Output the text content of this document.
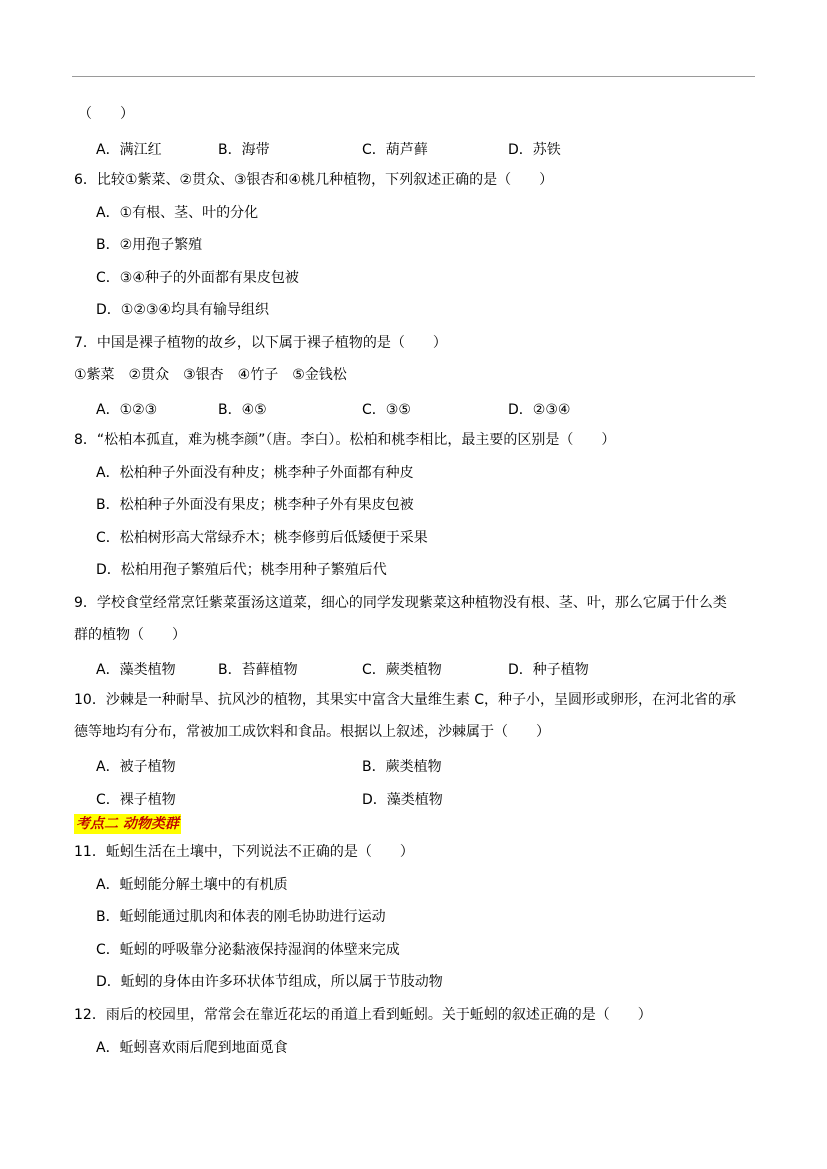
（　　）
A．满江红	B．海带	C．葫芦藓	D．苏铁
6．比较①紫菜、②贯众、③银杏和④桃几种植物，下列叙述正确的是（　　）
A．①有根、茎、叶的分化
B．②用孢子繁殖
C．③④种子的外面都有果皮包被
D．①②③④均具有输导组织
7．中国是裸子植物的故乡，以下属于裸子植物的是（　　）
①紫菜　②贯众　③银杏　④竹子　⑤金钱松
A．①②③	B．④⑤	C．③⑤	D．②③④
8．“松柏本孤直，难为桃李颜”（唐。李白）。松柏和桃李相比，最主要的区别是（　　）
A．松柏种子外面没有种皮；桃李种子外面都有种皮
B．松柏种子外面没有果皮；桃李种子外有果皮包被
C．松柏树形高大常绿乔木；桃李修剪后低矮便于采果
D．松柏用孢子繁殖后代；桃李用种子繁殖后代
9．学校食堂经常烹饪紫菜蛋汤这道菜，细心的同学发现紫菜这种植物没有根、茎、叶，那么它属于什么类
群的植物（　　）
A．藻类植物	B．苔藓植物	C．蕨类植物	D．种子植物
10．沙棘是一种耐旱、抗风沙的植物，其果实中富含大量维生素 C，种子小，呈圆形或卵形，在河北省的承
德等地均有分布，常被加工成饮料和食品。根据以上叙述，沙棘属于（　　）
A．被子植物	B．蕨类植物
C．裸子植物	D．藻类植物
考点二 动物类群
11．蚯蚓生活在土壤中，下列说法不正确的是（　　）
A．蚯蚓能分解土壤中的有机质
B．蚯蚓能通过肌肉和体表的刚毛协助进行运动
C．蚯蚓的呼吸靠分泌黏液保持湿润的体壁来完成
D．蚯蚓的身体由许多环状体节组成，所以属于节肢动物
12．雨后的校园里，常常会在靠近花坛的甬道上看到蚯蚓。关于蚯蚓的叙述正确的是（　　）
A．蚯蚓喜欢雨后爬到地面觅食
